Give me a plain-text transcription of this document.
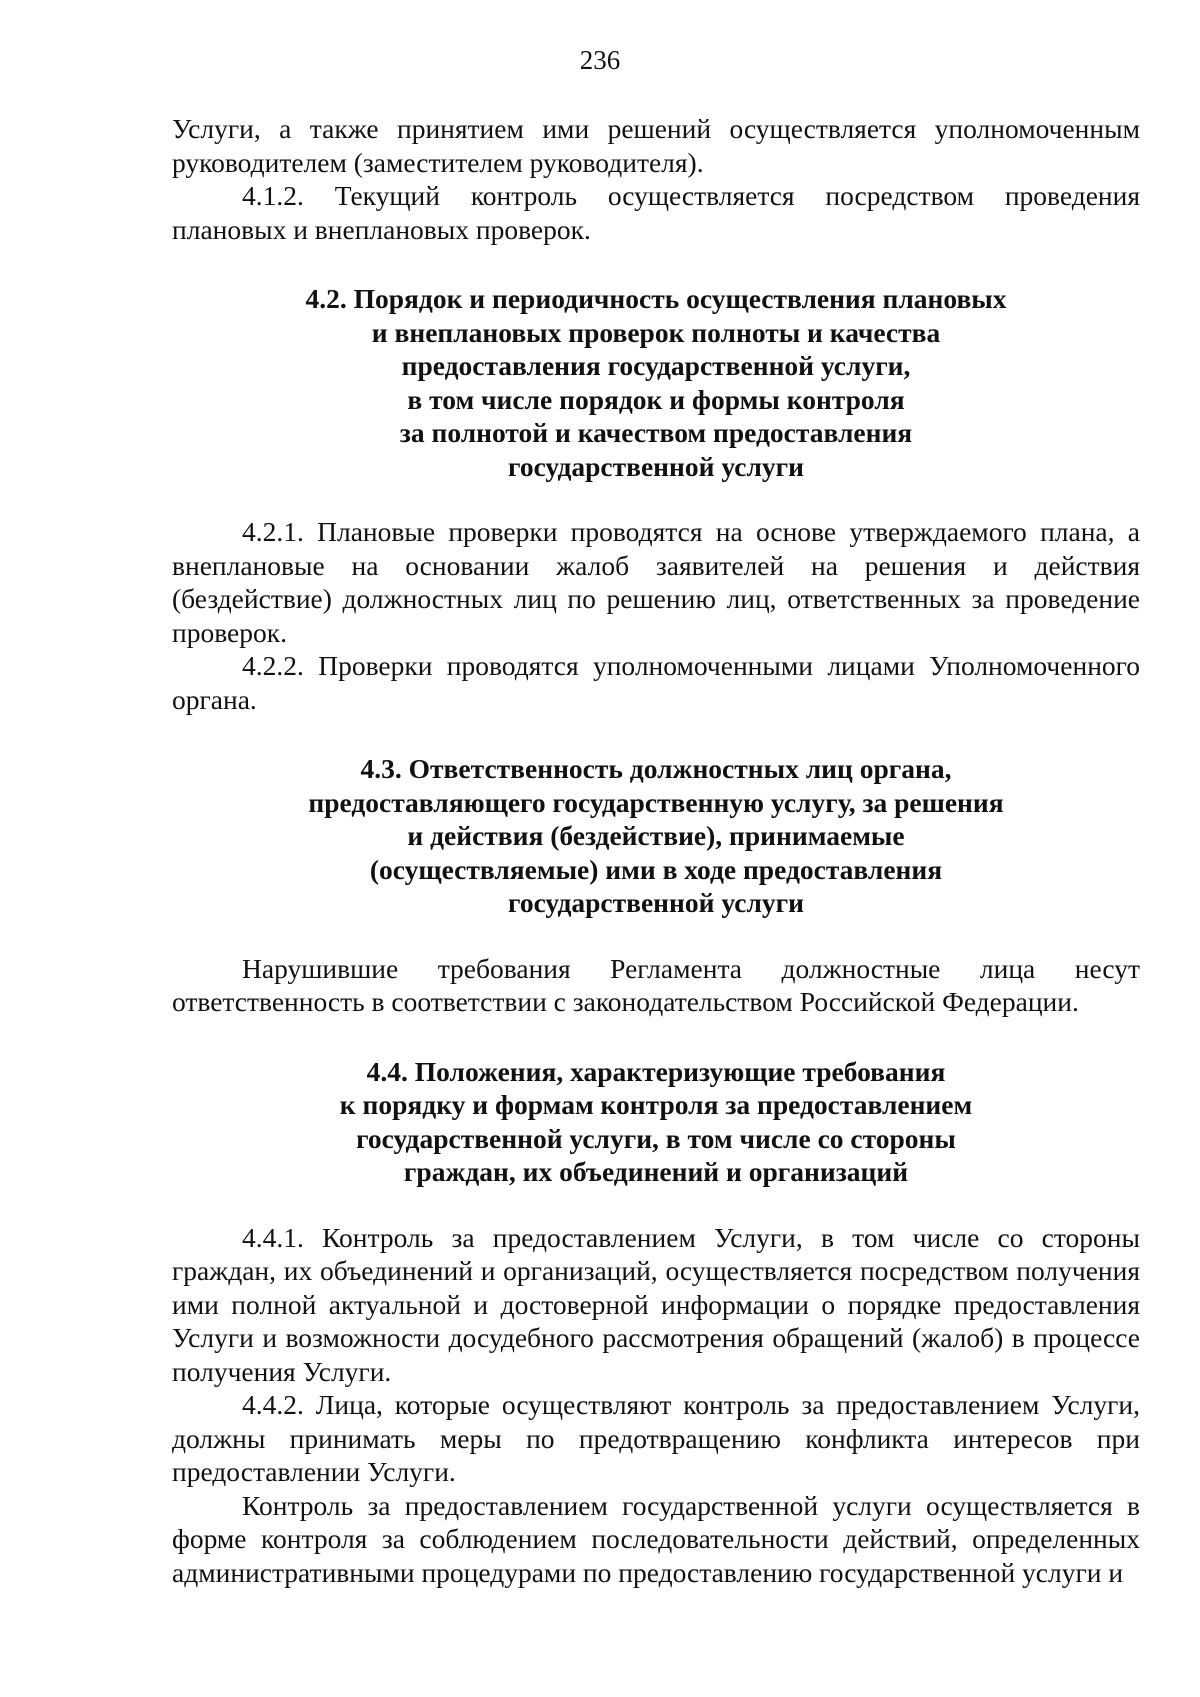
236

Услуги, а также принятием ими решений осуществляется уполномоченным руководителем (заместителем руководителя).

4.1.2. Текущий контроль осуществляется посредством проведения плановых и внеплановых проверок.

4.2. Порядок и периодичность осуществления плановых
и внеплановых проверок полноты и качества
предоставления государственной услуги,
в том числе порядок и формы контроля
за полнотой и качеством предоставления
государственной услуги

4.2.1. Плановые проверки проводятся на основе утверждаемого плана, а внеплановые на основании жалоб заявителей на решения и действия (бездействие) должностных лиц по решению лиц, ответственных за проведение проверок.

4.2.2. Проверки проводятся уполномоченными лицами Уполномоченного органа.

4.3. Ответственность должностных лиц органа,
предоставляющего государственную услугу, за решения
и действия (бездействие), принимаемые
(осуществляемые) ими в ходе предоставления
государственной услуги

Нарушившие требования Регламента должностные лица несут ответственность в соответствии с законодательством Российской Федерации.

4.4. Положения, характеризующие требования
к порядку и формам контроля за предоставлением
государственной услуги, в том числе со стороны
граждан, их объединений и организаций

4.4.1. Контроль за предоставлением Услуги, в том числе со стороны граждан, их объединений и организаций, осуществляется посредством получения ими полной актуальной и достоверной информации о порядке предоставления Услуги и возможности досудебного рассмотрения обращений (жалоб) в процессе получения Услуги.

4.4.2. Лица, которые осуществляют контроль за предоставлением Услуги, должны принимать меры по предотвращению конфликта интересов при предоставлении Услуги.

Контроль за предоставлением государственной услуги осуществляется в форме контроля за соблюдением последовательности действий, определенных административными процедурами по предоставлению государственной услуги и
